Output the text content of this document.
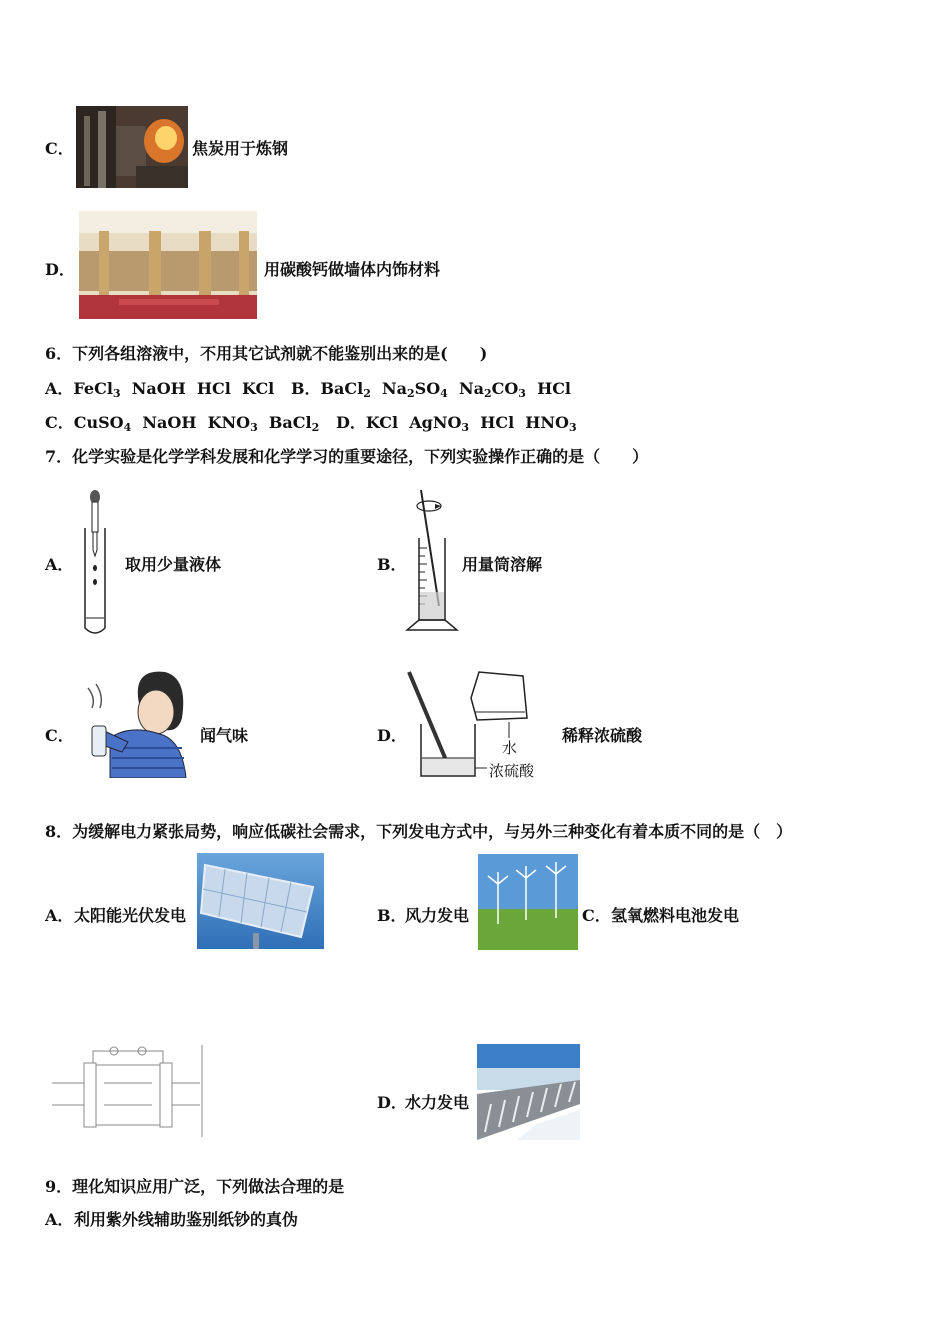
C．	焦炭用于炼钢
D．	用碳酸钙做墙体内饰材料
6．下列各组溶液中，不用其它试剂就不能鉴别出来的是(　　)
A．FeCl$_3$  NaOH  HCl  KCl   B．BaCl$_2$  $Na_2SO_4$  $Na_2CO_3$  HCl
C．CuSO$_4$  NaOH  $KNO_3$  BaCl$_2$ D．KCl  AgNO$_3$  HCl  $HNO_3$
7．化学实验是化学学科发展和化学学习的重要途径，下列实验操作正确的是（　　）
A．	取用少量液体	B．	用量筒溶解
C．	闻气味	D．
水
浓硫酸
稀释浓硫酸
8．为缓解电力紧张局势，响应低碳社会需求，下列发电方式中，与另外三种变化有着本质不同的是（　）
A． 太阳能光伏发电	B．
风力发电	C． 氢氧燃料电池发电
D．
水力发电
9．理化知识应用广泛，下列做法合理的是
A． 利用紫外线辅助鉴别纸钞的真伪
